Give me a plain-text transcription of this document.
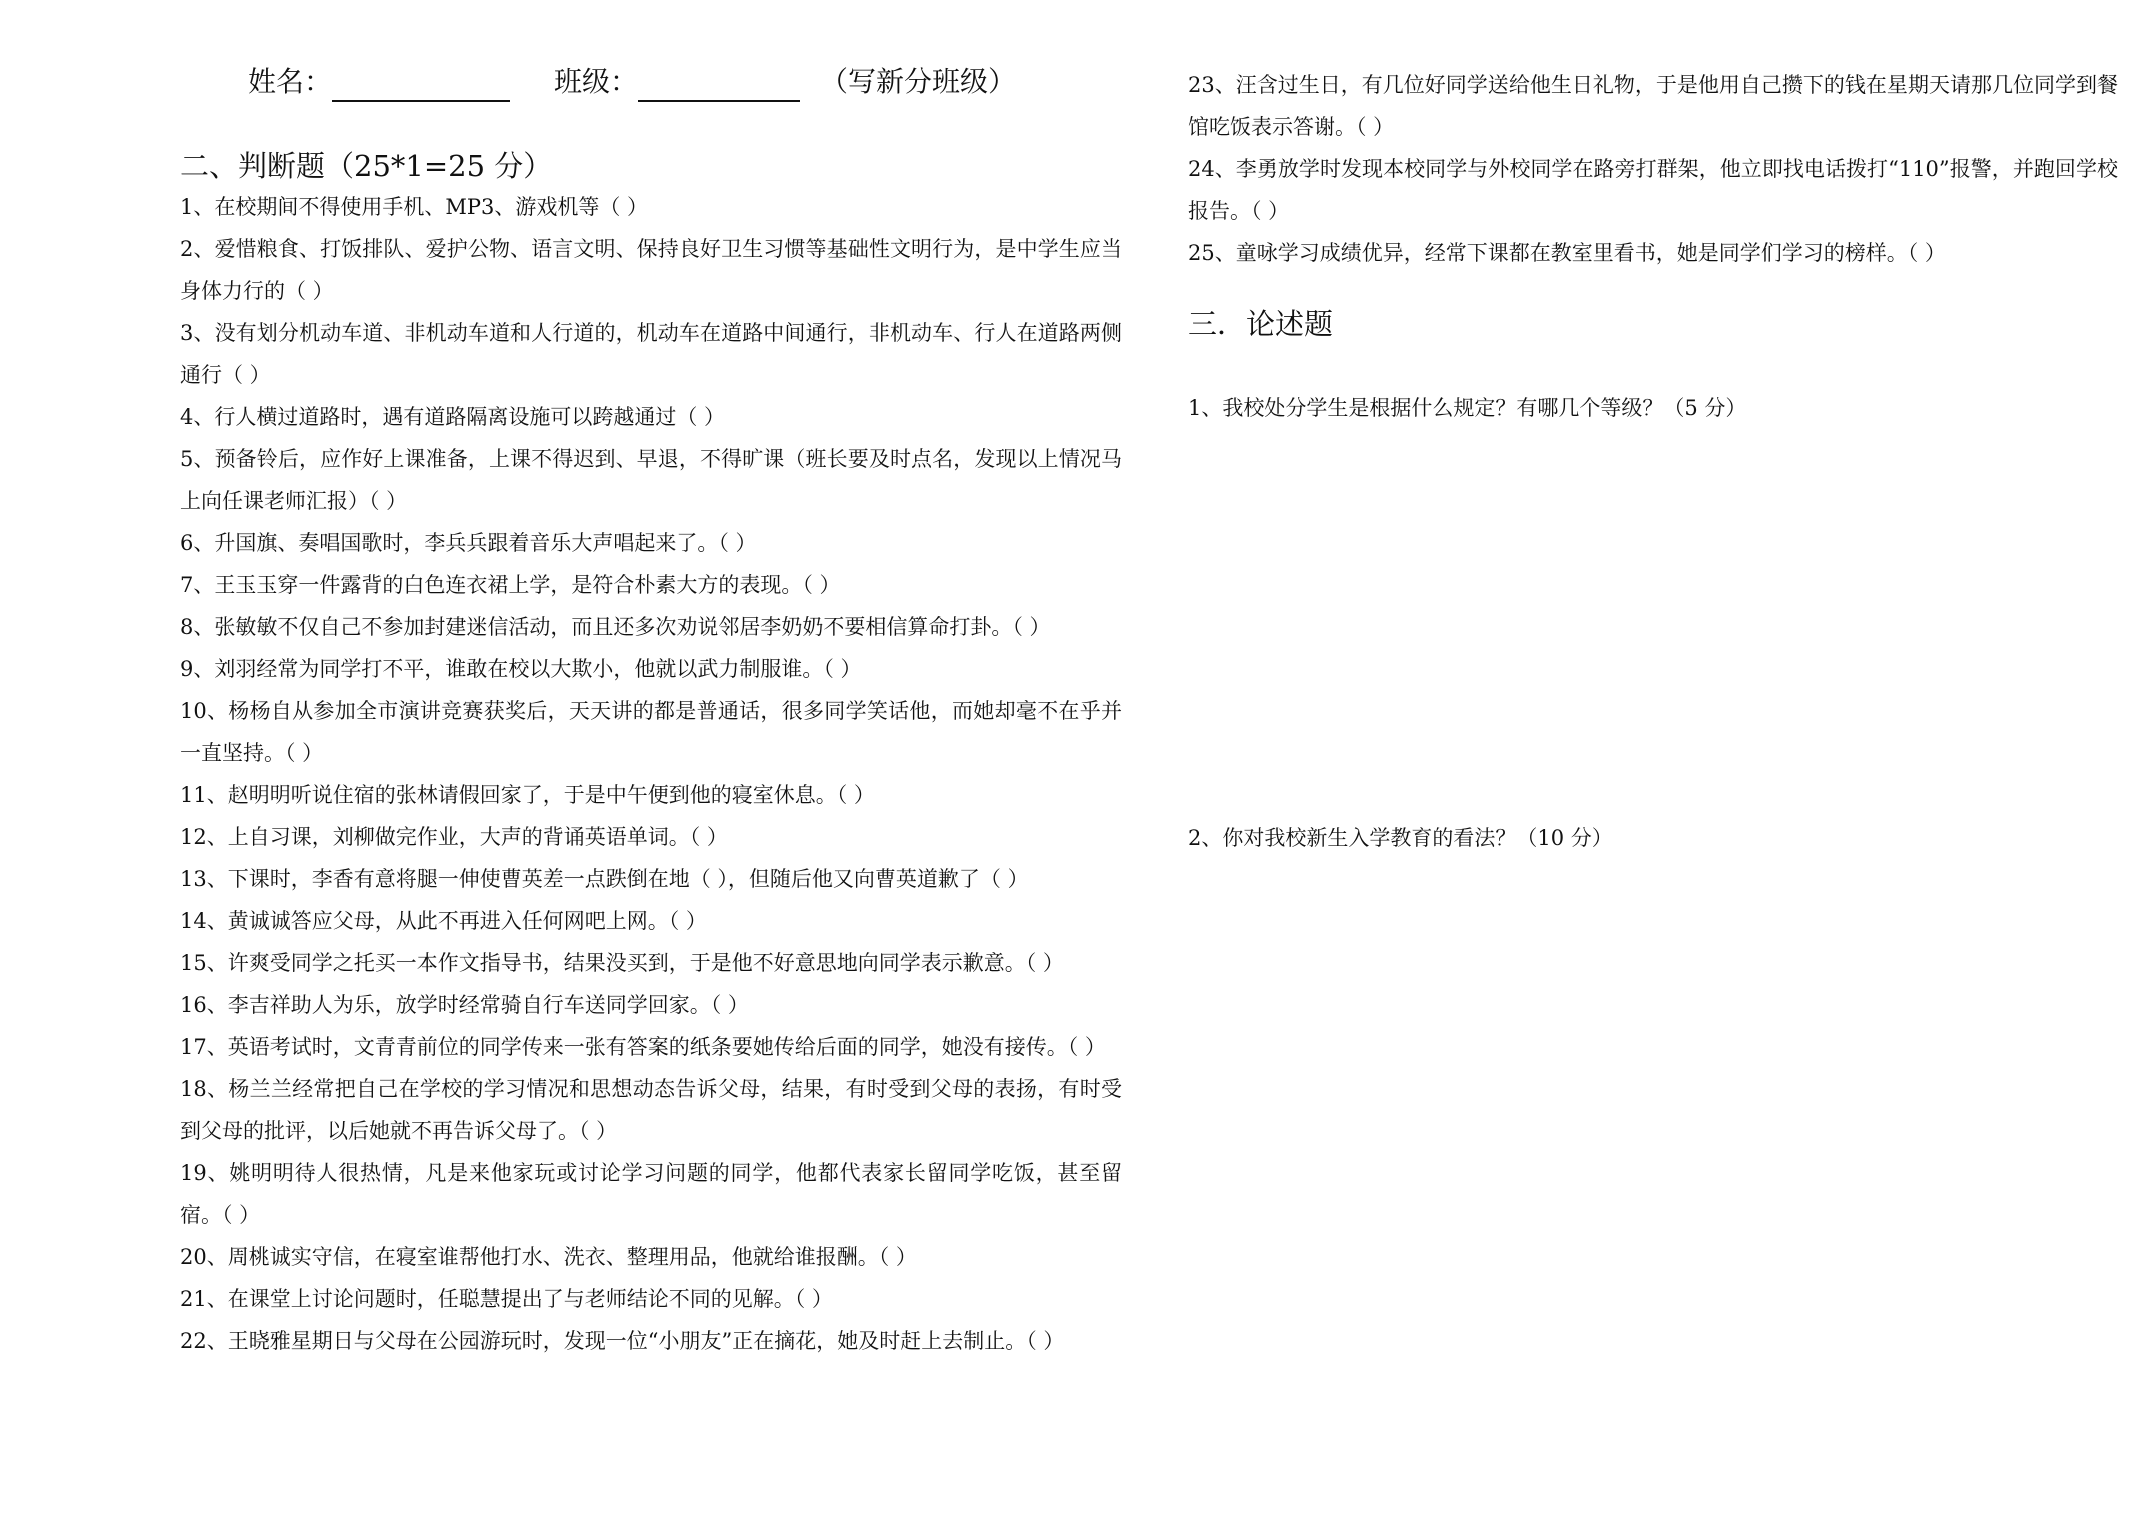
姓名：	班级：	（写新分班级）
二、判断题（25*1=25 分）
1、在校期间不得使用手机、MP3、游戏机等（ ）
2、爱惜粮食、打饭排队、爱护公物、语言文明、保持良好卫生习惯等基础性文明行为，是中学生应当身体力行的（ ）
3、没有划分机动车道、非机动车道和人行道的，机动车在道路中间通行，非机动车、行人在道路两侧通行（ ）
4、行人横过道路时，遇有道路隔离设施可以跨越通过（ ）
5、预备铃后，应作好上课准备，上课不得迟到、早退，不得旷课（班长要及时点名，发现以上情况马上向任课老师汇报）（ ）
6、升国旗、奏唱国歌时，李兵兵跟着音乐大声唱起来了。（ ）
7、王玉玉穿一件露背的白色连衣裙上学，是符合朴素大方的表现。（ ）
8、张敏敏不仅自己不参加封建迷信活动，而且还多次劝说邻居李奶奶不要相信算命打卦。（ ）
9、刘羽经常为同学打不平，谁敢在校以大欺小，他就以武力制服谁。（ ）
10、杨杨自从参加全市演讲竞赛获奖后，天天讲的都是普通话，很多同学笑话他，而她却毫不在乎并一直坚持。（ ）
11、赵明明听说住宿的张林请假回家了，于是中午便到他的寝室休息。（ ）
12、上自习课，刘柳做完作业，大声的背诵英语单词。（ ）
13、下课时，李香有意将腿一伸使曹英差一点跌倒在地（ ），但随后他又向曹英道歉了（ ）
14、黄诚诚答应父母，从此不再进入任何网吧上网。（ ）
15、许爽受同学之托买一本作文指导书，结果没买到，于是他不好意思地向同学表示歉意。（ ）
16、李吉祥助人为乐，放学时经常骑自行车送同学回家。（ ）
17、英语考试时，文青青前位的同学传来一张有答案的纸条要她传给后面的同学，她没有接传。（ ）
18、杨兰兰经常把自己在学校的学习情况和思想动态告诉父母，结果，有时受到父母的表扬，有时受到父母的批评，以后她就不再告诉父母了。（ ）
19、姚明明待人很热情，凡是来他家玩或讨论学习问题的同学，他都代表家长留同学吃饭，甚至留宿。（ ）
20、周桃诚实守信，在寝室谁帮他打水、洗衣、整理用品，他就给谁报酬。（ ）
21、在课堂上讨论问题时，任聪慧提出了与老师结论不同的见解。（ ）
22、王晓雅星期日与父母在公园游玩时，发现一位“小朋友”正在摘花，她及时赶上去制止。（ ）
23、汪含过生日，有几位好同学送给他生日礼物，于是他用自己攒下的钱在星期天请那几位同学到餐馆吃饭表示答谢。（ ）
24、李勇放学时发现本校同学与外校同学在路旁打群架，他立即找电话拨打“110”报警，并跑回学校报告。（ ）
25、童咏学习成绩优异，经常下课都在教室里看书，她是同学们学习的榜样。（ ）
三．论述题
1、我校处分学生是根据什么规定？有哪几个等级？（5 分）
2、你对我校新生入学教育的看法？（10 分）
